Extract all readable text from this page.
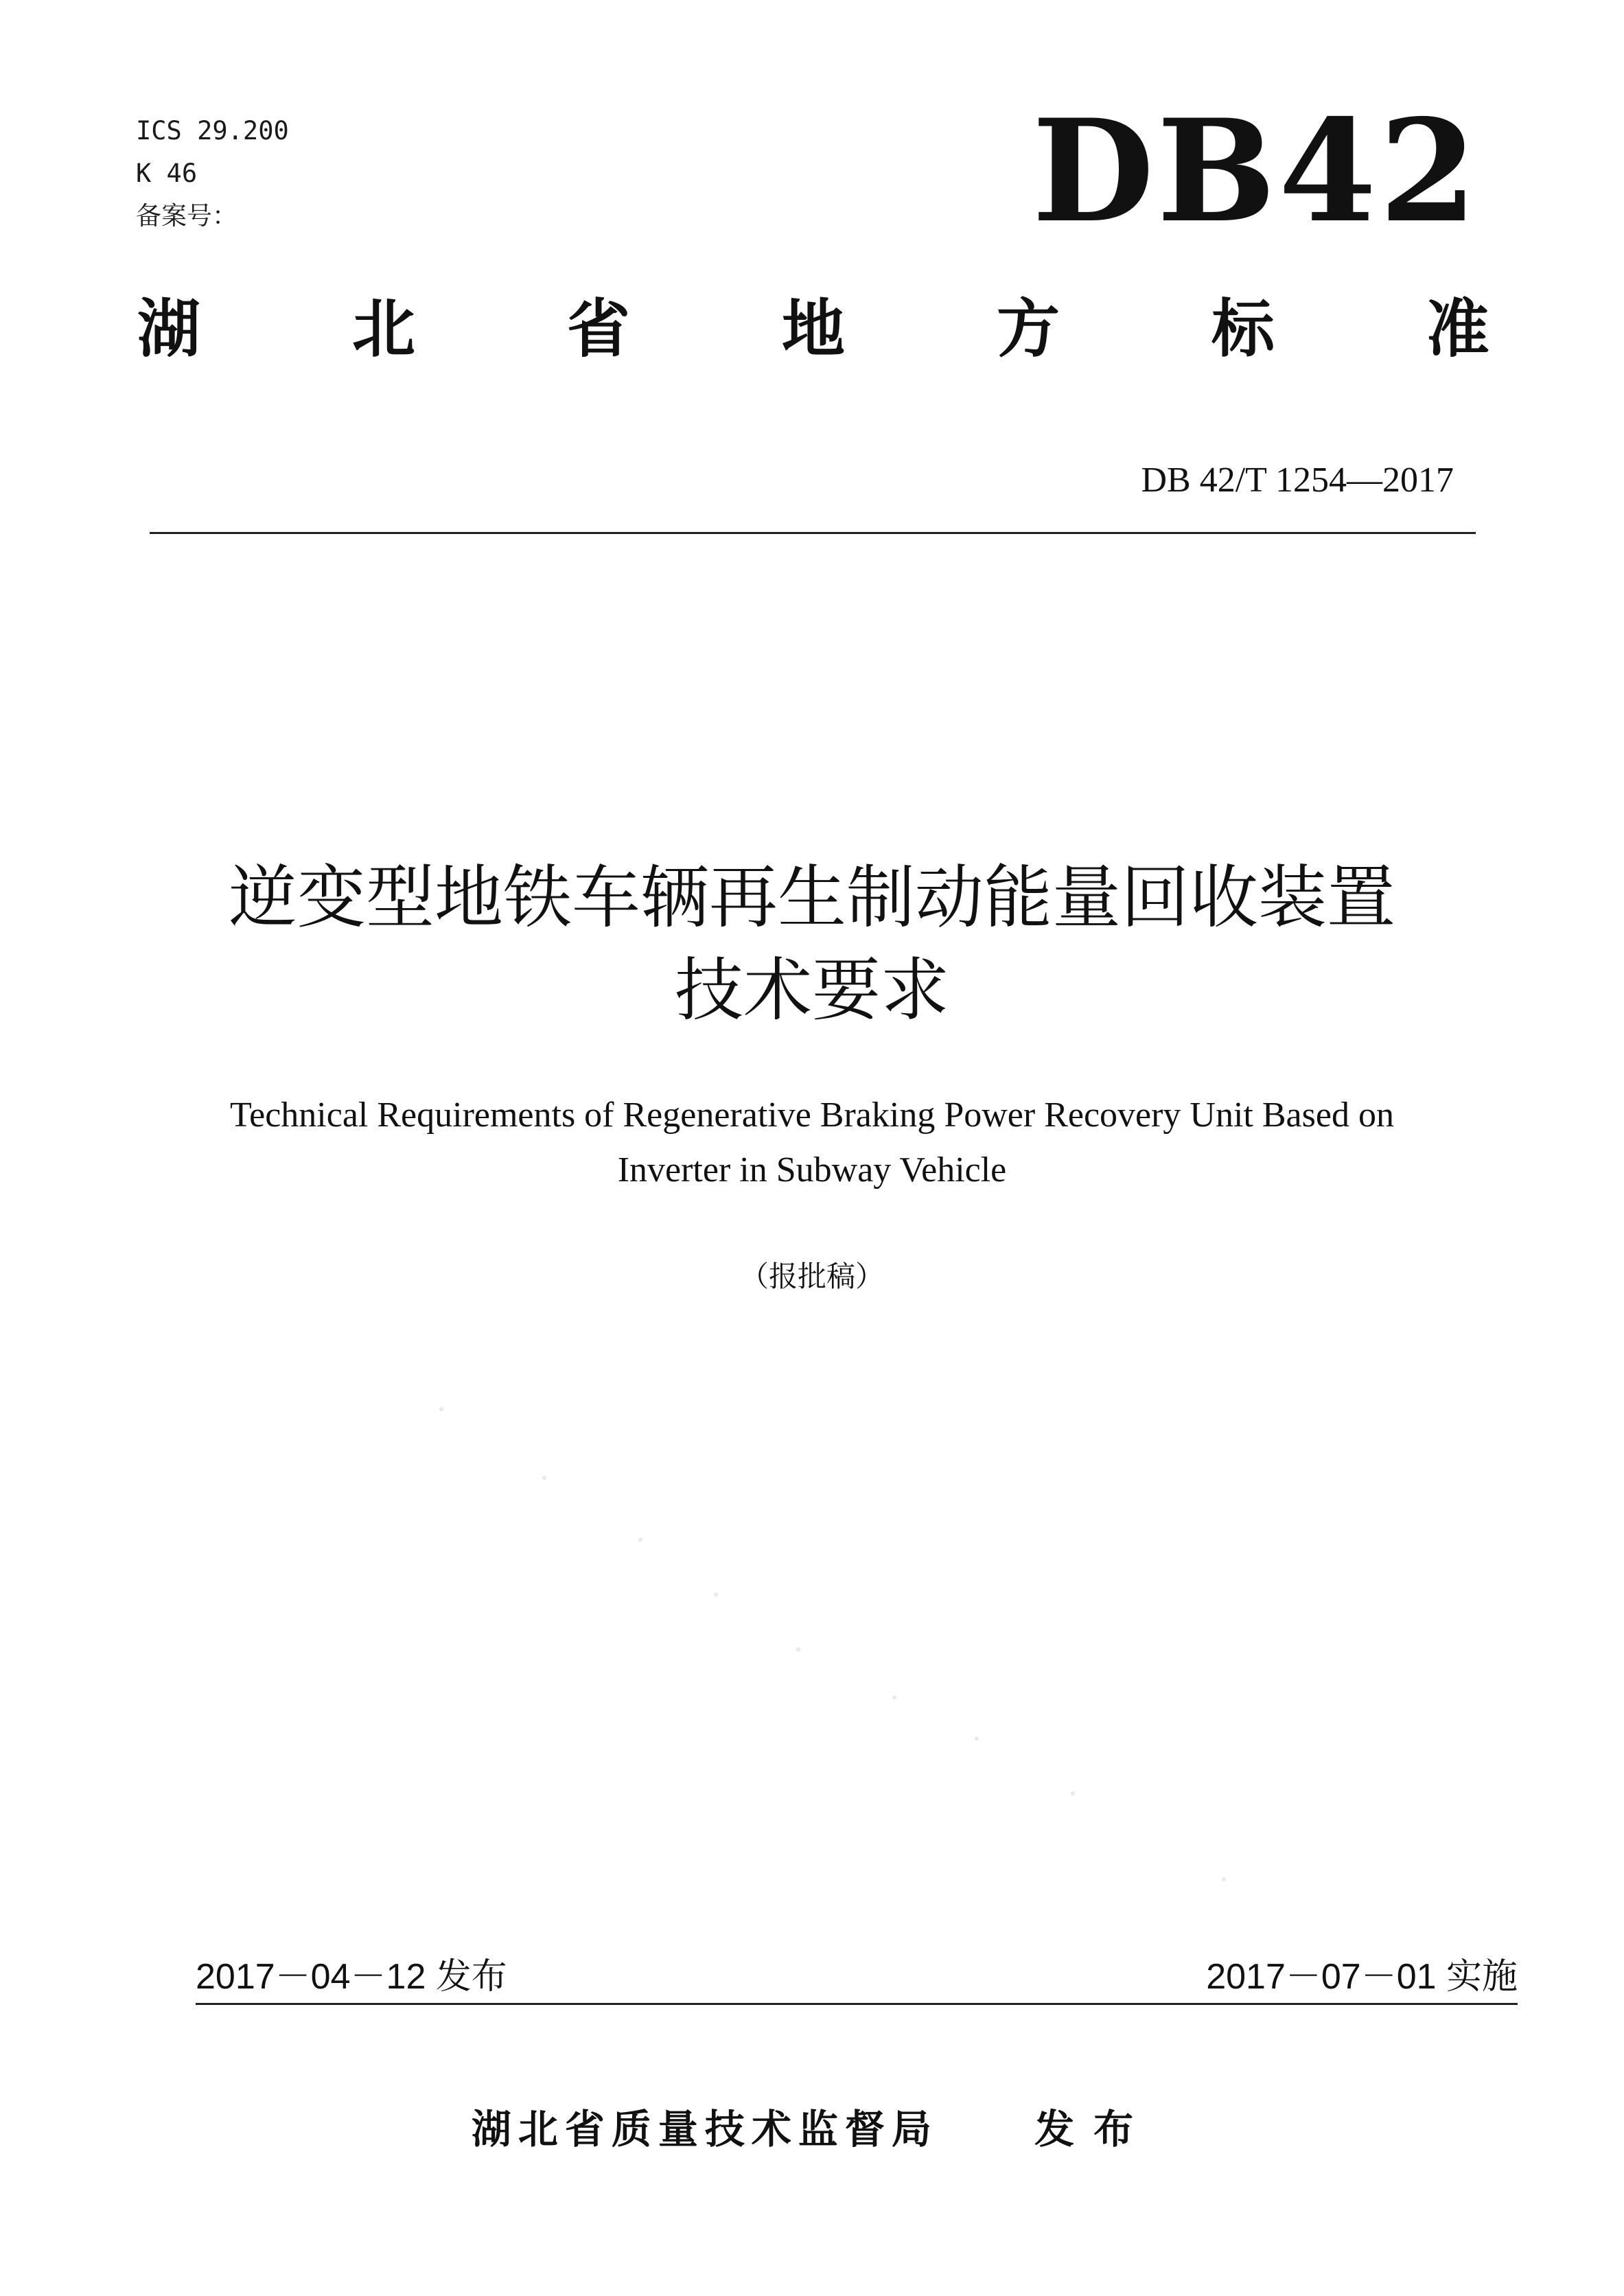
ICS 29.200
K 46
备案号：	DB42
湖 北 省 地 方 标 准
DB 42/T 1254—2017
逆变型地铁车辆再生制动能量回收装置
技术要求
Technical Requirements of Regenerative Braking Power Recovery Unit Based on
Inverter in Subway Vehicle
（报批稿）
2017－04－12 发布	2017－07－01 实施
湖北省质量技术监督局 发布
